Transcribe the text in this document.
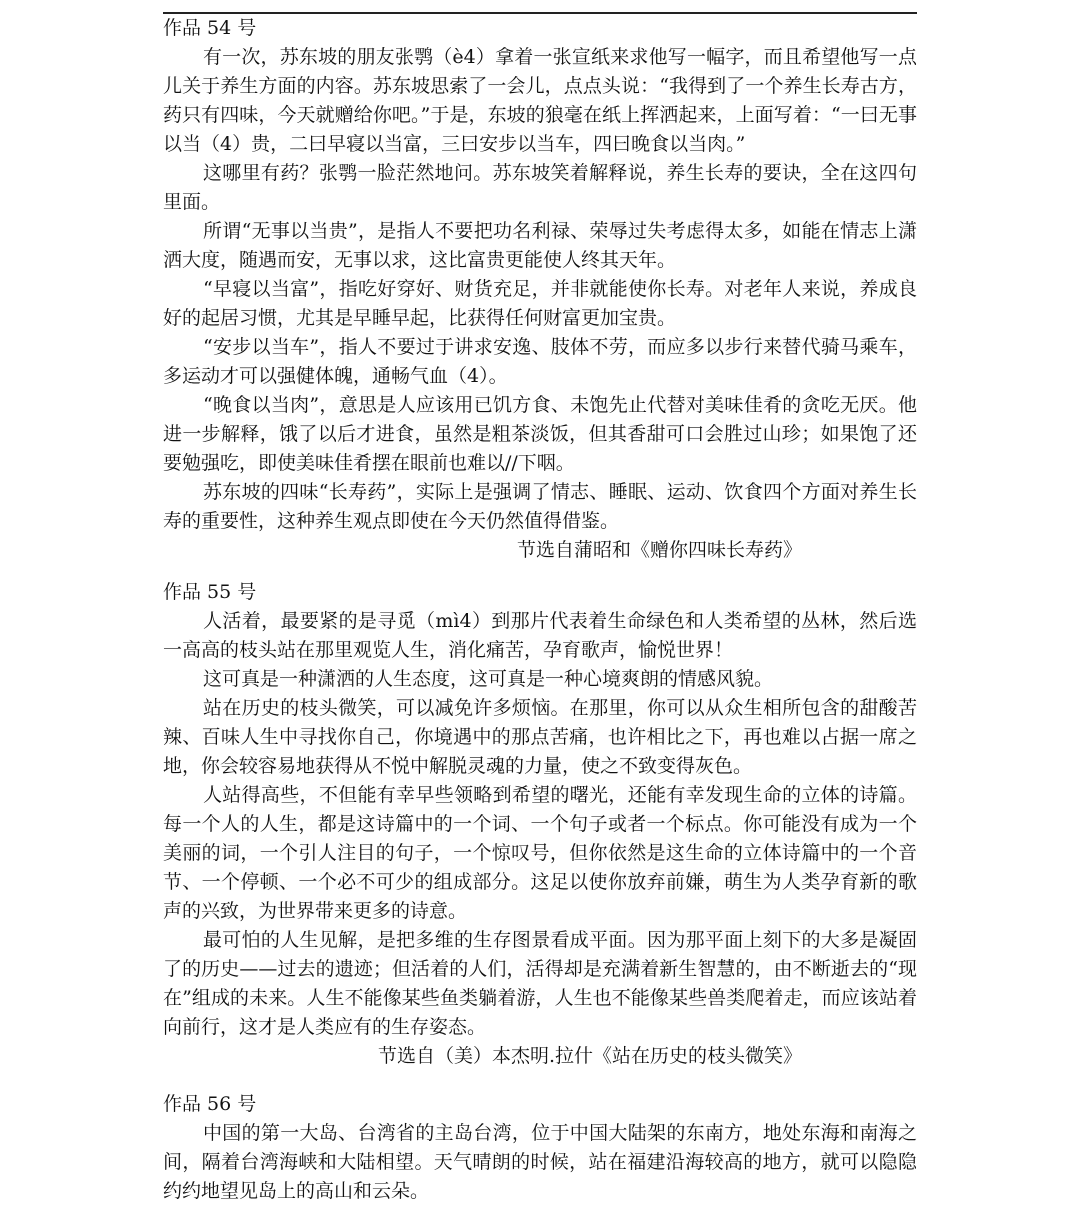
作品 54 号

有一次，苏东坡的朋友张鹗（è4）拿着一张宣纸来求他写一幅字，而且希望他写一点儿关于养生方面的内容。苏东坡思索了一会儿，点点头说：“我得到了一个养生长寿古方，药只有四味，今天就赠给你吧。”于是，东坡的狼毫在纸上挥洒起来，上面写着：“一曰无事以当（4）贵，二曰早寝以当富，三曰安步以当车，四曰晚食以当肉。”

这哪里有药？张鹗一脸茫然地问。苏东坡笑着解释说，养生长寿的要诀，全在这四句里面。

所谓“无事以当贵”，是指人不要把功名利禄、荣辱过失考虑得太多，如能在情志上潇洒大度，随遇而安，无事以求，这比富贵更能使人终其天年。

“早寝以当富”，指吃好穿好、财货充足，并非就能使你长寿。对老年人来说，养成良好的起居习惯，尤其是早睡早起，比获得任何财富更加宝贵。

“安步以当车”，指人不要过于讲求安逸、肢体不劳，而应多以步行来替代骑马乘车，多运动才可以强健体魄，通畅气血（4）。

“晚食以当肉”，意思是人应该用已饥方食、未饱先止代替对美味佳肴的贪吃无厌。他进一步解释，饿了以后才进食，虽然是粗茶淡饭，但其香甜可口会胜过山珍；如果饱了还要勉强吃，即使美味佳肴摆在眼前也难以//下咽。

苏东坡的四味“长寿药”，实际上是强调了情志、睡眠、运动、饮食四个方面对养生长寿的重要性，这种养生观点即使在今天仍然值得借鉴。

节选自蒲昭和《赠你四味长寿药》

作品 55 号

人活着，最要紧的是寻觅（mì4）到那片代表着生命绿色和人类希望的丛林，然后选一高高的枝头站在那里观览人生，消化痛苦，孕育歌声，愉悦世界！

这可真是一种潇洒的人生态度，这可真是一种心境爽朗的情感风貌。

站在历史的枝头微笑，可以减免许多烦恼。在那里，你可以从众生相所包含的甜酸苦辣、百味人生中寻找你自己，你境遇中的那点苦痛，也许相比之下，再也难以占据一席之地，你会较容易地获得从不悦中解脱灵魂的力量，使之不致变得灰色。

人站得高些，不但能有幸早些领略到希望的曙光，还能有幸发现生命的立体的诗篇。每一个人的人生，都是这诗篇中的一个词、一个句子或者一个标点。你可能没有成为一个美丽的词，一个引人注目的句子，一个惊叹号，但你依然是这生命的立体诗篇中的一个音节、一个停顿、一个必不可少的组成部分。这足以使你放弃前嫌，萌生为人类孕育新的歌声的兴致，为世界带来更多的诗意。

最可怕的人生见解，是把多维的生存图景看成平面。因为那平面上刻下的大多是凝固了的历史——过去的遗迹；但活着的人们，活得却是充满着新生智慧的，由不断逝去的“现在”组成的未来。人生不能像某些鱼类躺着游，人生也不能像某些兽类爬着走，而应该站着向前行，这才是人类应有的生存姿态。

节选自（美）本杰明.拉什《站在历史的枝头微笑》

作品 56 号

中国的第一大岛、台湾省的主岛台湾，位于中国大陆架的东南方，地处东海和南海之间，隔着台湾海峡和大陆相望。天气晴朗的时候，站在福建沿海较高的地方，就可以隐隐约约地望见岛上的高山和云朵。
